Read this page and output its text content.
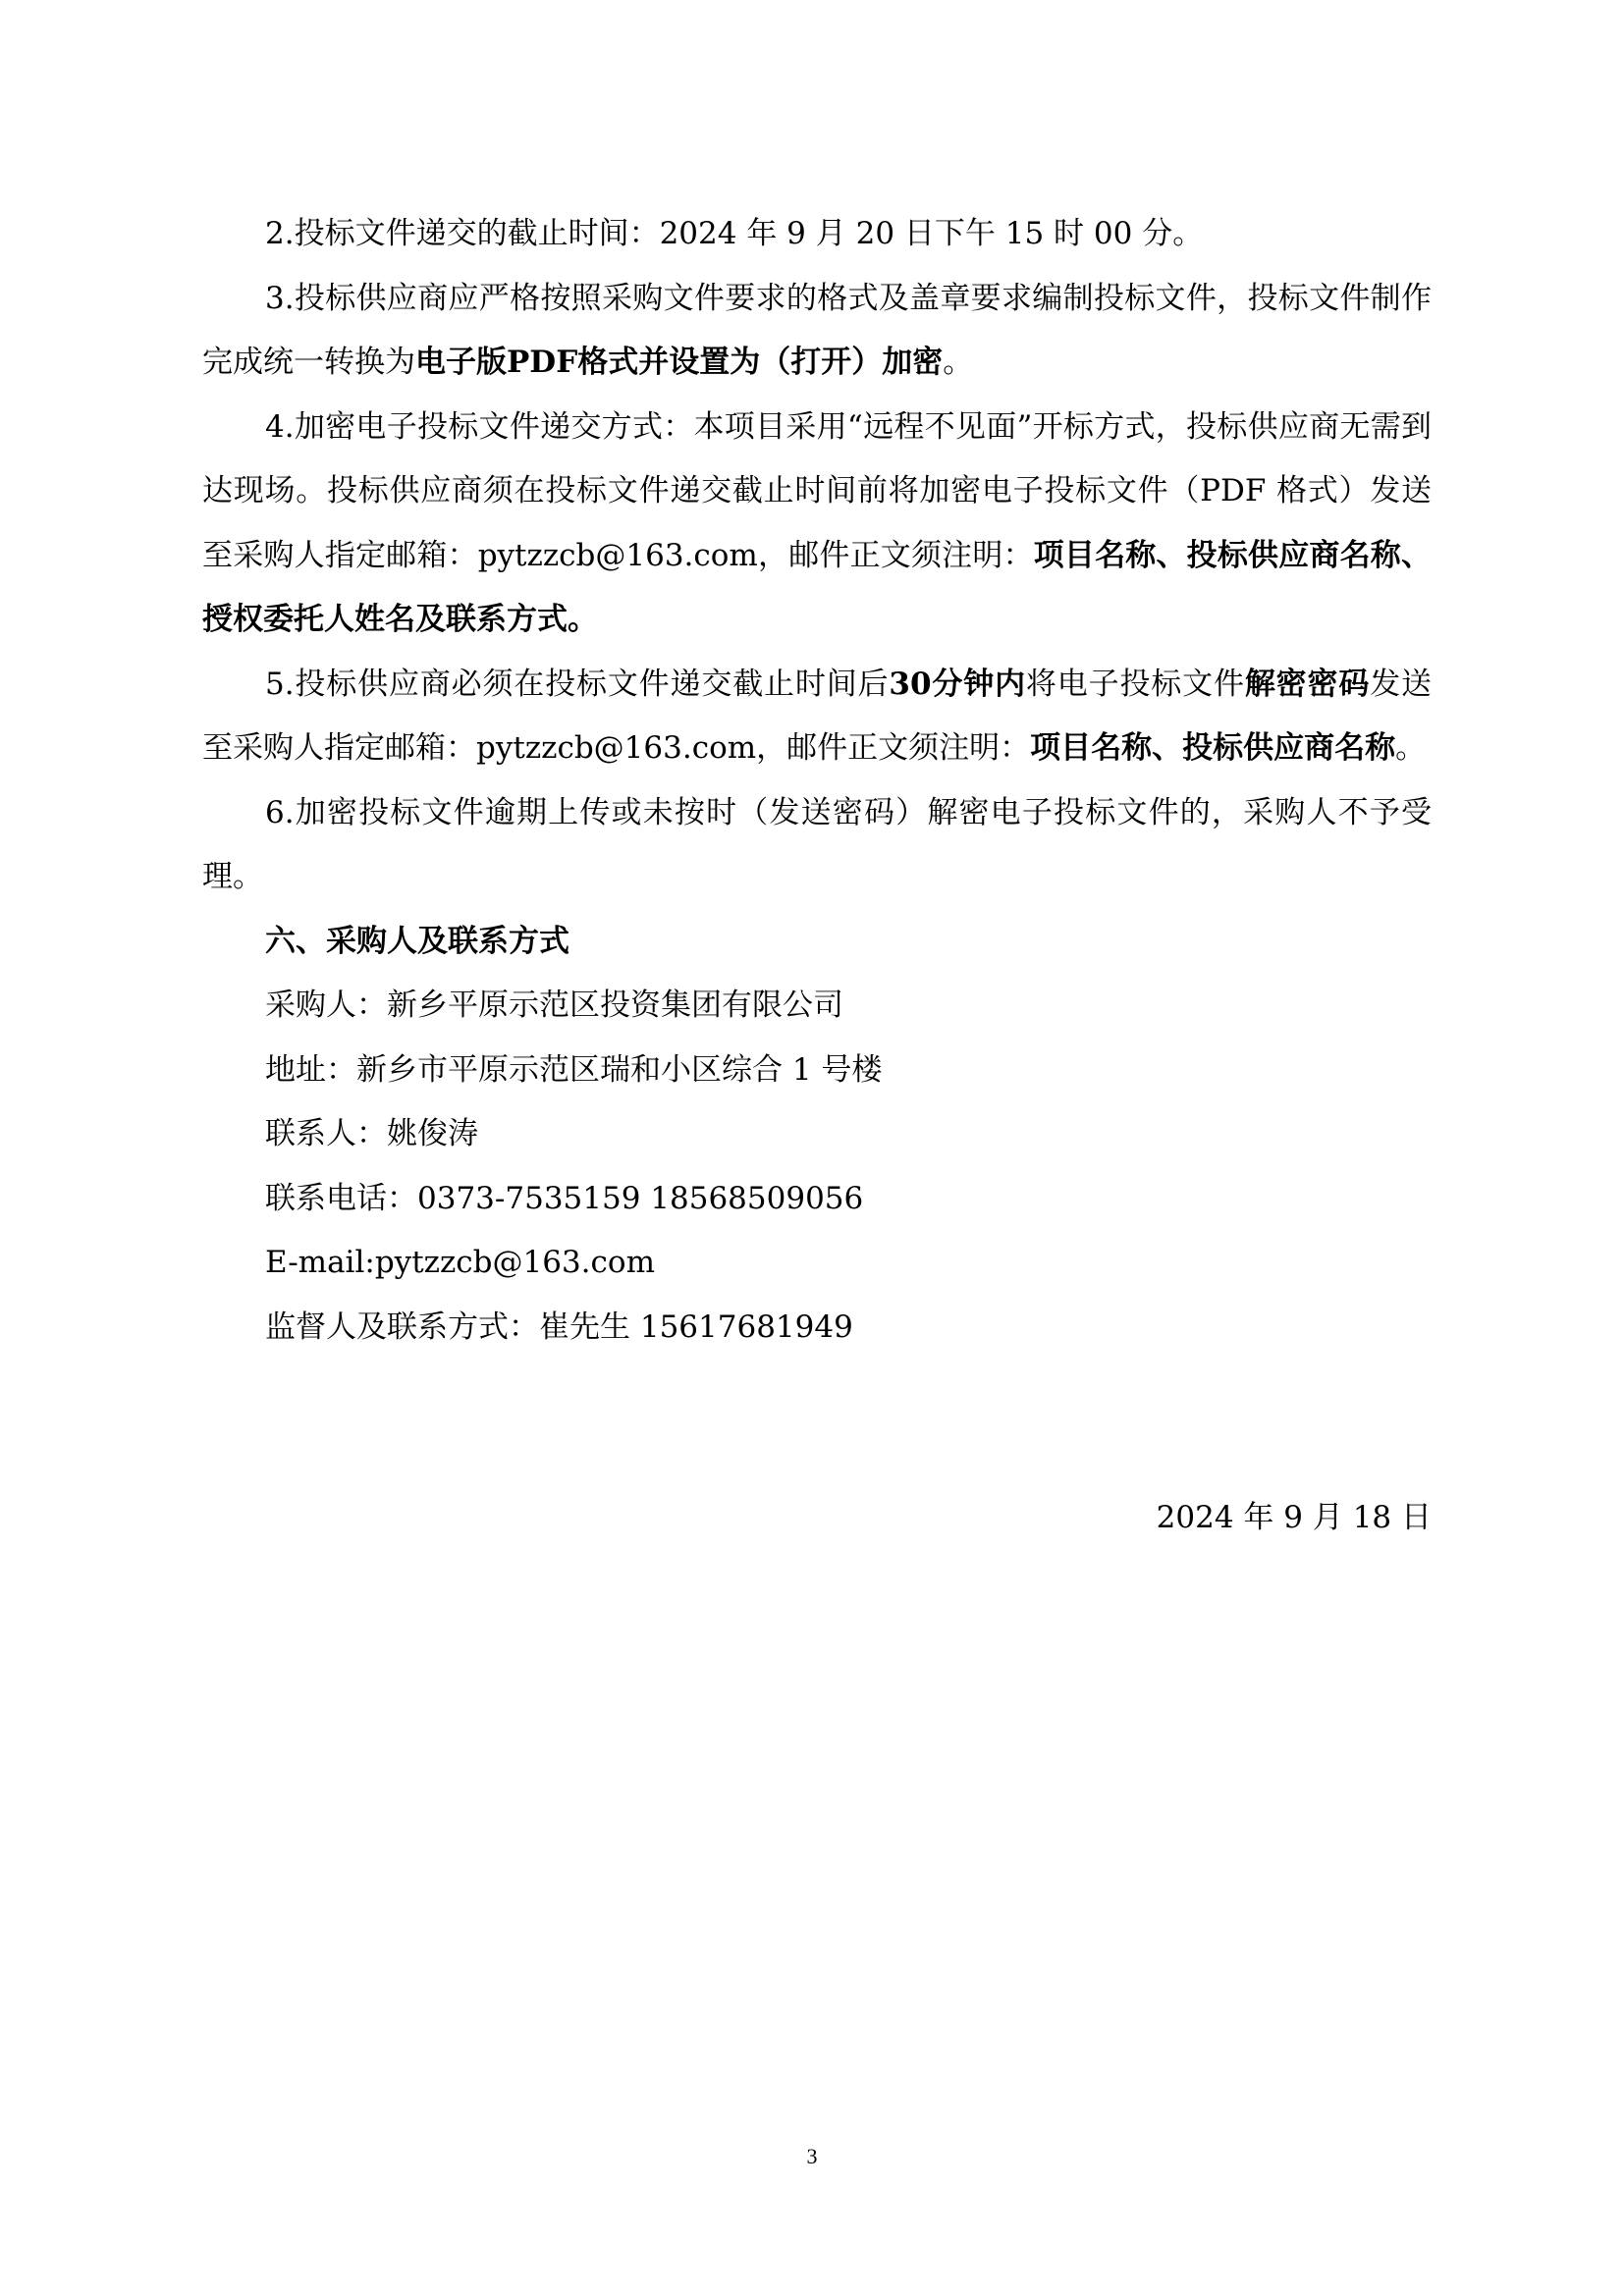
2.投标文件递交的截止时间：2024 年 9 月 20 日下午 15 时 00 分。

3.投标供应商应严格按照采购文件要求的格式及盖章要求编制投标文件，投标文件制作完成统一转换为电子版PDF格式并设置为（打开）加密。

4.加密电子投标文件递交方式：本项目采用“远程不见面”开标方式，投标供应商无需到达现场。投标供应商须在投标文件递交截止时间前将加密电子投标文件（PDF 格式）发送至采购人指定邮箱：pytzzcb@163.com，邮件正文须注明：项目名称、投标供应商名称、授权委托人姓名及联系方式。

5.投标供应商必须在投标文件递交截止时间后30分钟内将电子投标文件解密密码发送至采购人指定邮箱：pytzzcb@163.com，邮件正文须注明：项目名称、投标供应商名称。

6.加密投标文件逾期上传或未按时（发送密码）解密电子投标文件的，采购人不予受理。

六、采购人及联系方式

采购人：新乡平原示范区投资集团有限公司

地址：新乡市平原示范区瑞和小区综合 1 号楼

联系人：姚俊涛

联系电话：0373-7535159 18568509056

E-mail:pytzzcb@163.com

监督人及联系方式：崔先生 15617681949

2024 年 9 月 18 日
3
